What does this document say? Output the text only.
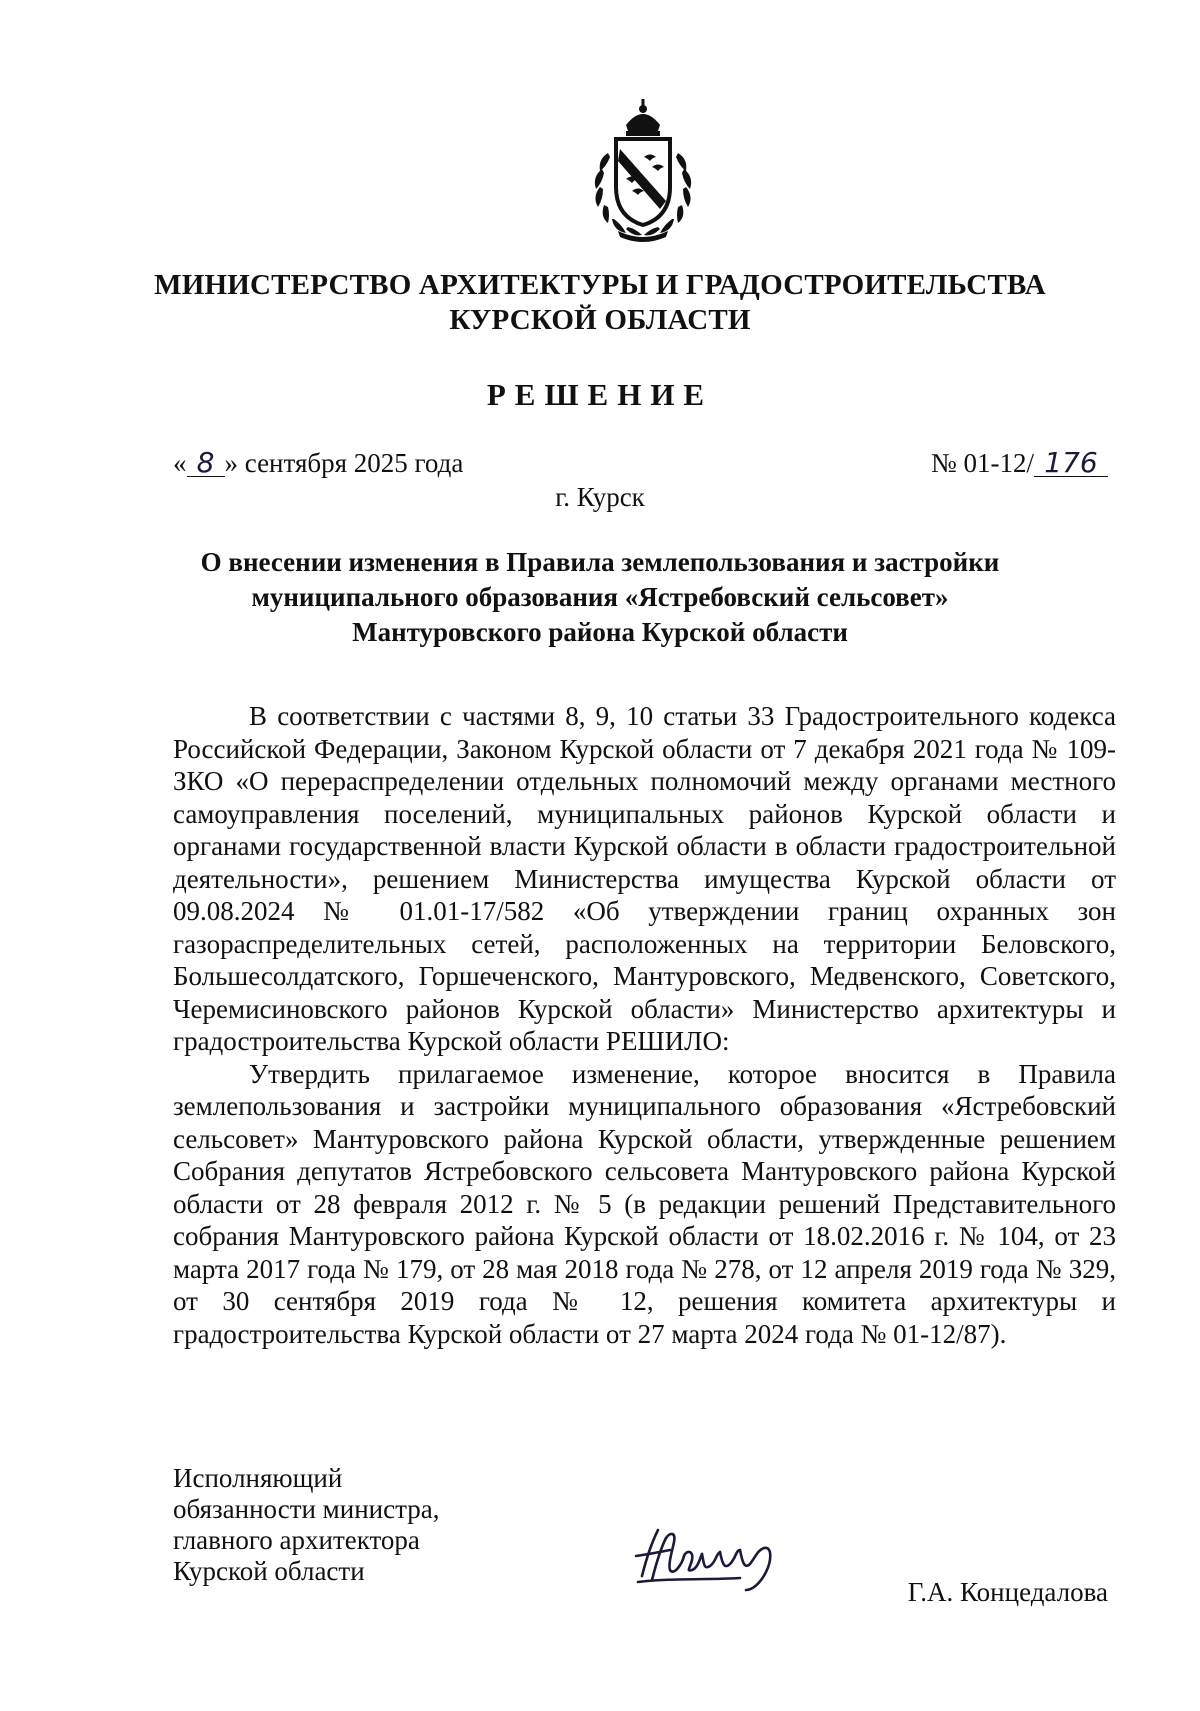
МИНИСТЕРСТВО АРХИТЕКТУРЫ И ГРАДОСТРОИТЕЛЬСТВА
КУРСКОЙ ОБЛАСТИ
РЕШЕНИЕ
« 8 » сентября 2025 года	№ 01-12/ 176
г. Курск
О внесении изменения в Правила землепользования и застройки
муниципального образования «Ястребовский сельсовет»
Мантуровского района Курской области

В соответствии с частями 8, 9, 10 статьи 33 Градостроительного кодекса Российской Федерации, Законом Курской области от 7 декабря 2021 года № 109-ЗКО «О перераспределении отдельных полномочий между органами местного самоуправления поселений, муниципальных районов Курской области и органами государственной власти Курской области в области градостроительной деятельности», решением Министерства имущества Курской области от 09.08.2024 № 01.01-17/582 «Об утверждении границ охранных зон газораспределительных сетей, расположенных на территории Беловского, Большесолдатского, Горшеченского, Мантуровского, Медвенского, Советского, Черемисиновского районов Курской области» Министерство архитектуры и градостроительства Курской области РЕШИЛО:

Утвердить прилагаемое изменение, которое вносится в Правила землепользования и застройки муниципального образования «Ястребовский сельсовет» Мантуровского района Курской области, утвержденные решением Собрания депутатов Ястребовского сельсовета Мантуровского района Курской области от 28 февраля 2012 г. № 5 (в редакции решений Представительного собрания Мантуровского района Курской области от 18.02.2016 г. № 104, от 23 марта 2017 года № 179, от 28 мая 2018 года № 278, от 12 апреля 2019 года № 329, от 30 сентября 2019 года № 12, решения комитета архитектуры и градостроительства Курской области от 27 марта 2024 года № 01-12/87).

Исполняющий
обязанности министра,
главного архитектора
Курской области
Г.А. Концедалова
